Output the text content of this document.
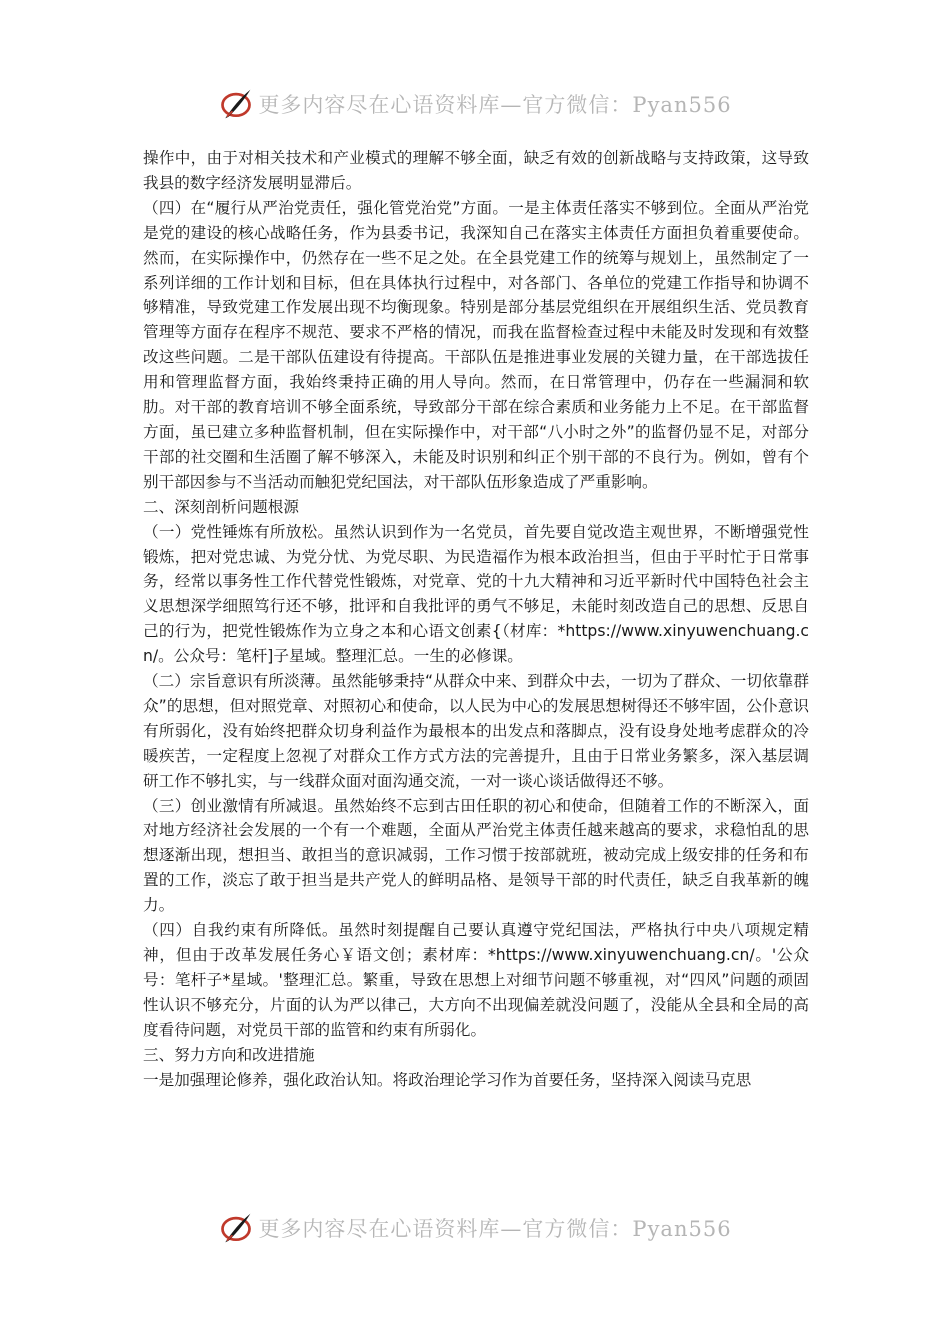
更多内容尽在心语资料库—官方微信：Pyan556

操作中，由于对相关技术和产业模式的理解不够全面，缺乏有效的创新战略与支持政策，这导致我县的数字经济发展明显滞后。

（四）在“履行从严治党责任，强化管党治党”方面。一是主体责任落实不够到位。全面从严治党是党的建设的核心战略任务，作为县委书记，我深知自己在落实主体责任方面担负着重要使命。然而，在实际操作中，仍然存在一些不足之处。在全县党建工作的统筹与规划上，虽然制定了一系列详细的工作计划和目标，但在具体执行过程中，对各部门、各单位的党建工作指导和协调不够精准，导致党建工作发展出现不均衡现象。特别是部分基层党组织在开展组织生活、党员教育管理等方面存在程序不规范、要求不严格的情况，而我在监督检查过程中未能及时发现和有效整改这些问题。二是干部队伍建设有待提高。干部队伍是推进事业发展的关键力量，在干部选拔任用和管理监督方面，我始终秉持正确的用人导向。然而，在日常管理中，仍存在一些漏洞和软肋。对干部的教育培训不够全面系统，导致部分干部在综合素质和业务能力上不足。在干部监督方面，虽已建立多种监督机制，但在实际操作中，对干部“八小时之外”的监督仍显不足，对部分干部的社交圈和生活圈了解不够深入，未能及时识别和纠正个别干部的不良行为。例如，曾有个别干部因参与不当活动而触犯党纪国法，对干部队伍形象造成了严重影响。

二、深刻剖析问题根源

（一）党性锤炼有所放松。虽然认识到作为一名党员，首先要自觉改造主观世界，不断增强党性锻炼，把对党忠诚、为党分忧、为党尽职、为民造福作为根本政治担当，但由于平时忙于日常事务，经常以事务性工作代替党性锻炼，对党章、党的十九大精神和习近平新时代中国特色社会主义思想深学细照笃行还不够，批评和自我批评的勇气不够足，未能时刻改造自己的思想、反思自己的行为，把党性锻炼作为立身之本和心语文创素{（材库：*https://www.xinyuwenchuang.cn/。公众号：笔杆]子星域。整理汇总。一生的必修课。

（二）宗旨意识有所淡薄。虽然能够秉持“从群众中来、到群众中去，一切为了群众、一切依靠群众”的思想，但对照党章、对照初心和使命，以人民为中心的发展思想树得还不够牢固，公仆意识有所弱化，没有始终把群众切身利益作为最根本的出发点和落脚点，没有设身处地考虑群众的冷暖疾苦，一定程度上忽视了对群众工作方式方法的完善提升，且由于日常业务繁多，深入基层调研工作不够扎实，与一线群众面对面沟通交流，一对一谈心谈话做得还不够。

（三）创业激情有所减退。虽然始终不忘到古田任职的初心和使命，但随着工作的不断深入，面对地方经济社会发展的一个有一个难题，全面从严治党主体责任越来越高的要求，求稳怕乱的思想逐渐出现，想担当、敢担当的意识减弱，工作习惯于按部就班，被动完成上级安排的任务和布置的工作，淡忘了敢于担当是共产党人的鲜明品格、是领导干部的时代责任，缺乏自我革新的魄力。

（四）自我约束有所降低。虽然时刻提醒自己要认真遵守党纪国法，严格执行中央八项规定精神，但由于改革发展任务心￥语文创；素材库：*https://www.xinyuwenchuang.cn/。'公众号：笔杆子*星域。'整理汇总。繁重，导致在思想上对细节问题不够重视，对“四风”问题的顽固性认识不够充分，片面的认为严以律己，大方向不出现偏差就没问题了，没能从全县和全局的高度看待问题，对党员干部的监管和约束有所弱化。

三、努力方向和改进措施

一是加强理论修养，强化政治认知。将政治理论学习作为首要任务，坚持深入阅读马克思

更多内容尽在心语资料库—官方微信：Pyan556
